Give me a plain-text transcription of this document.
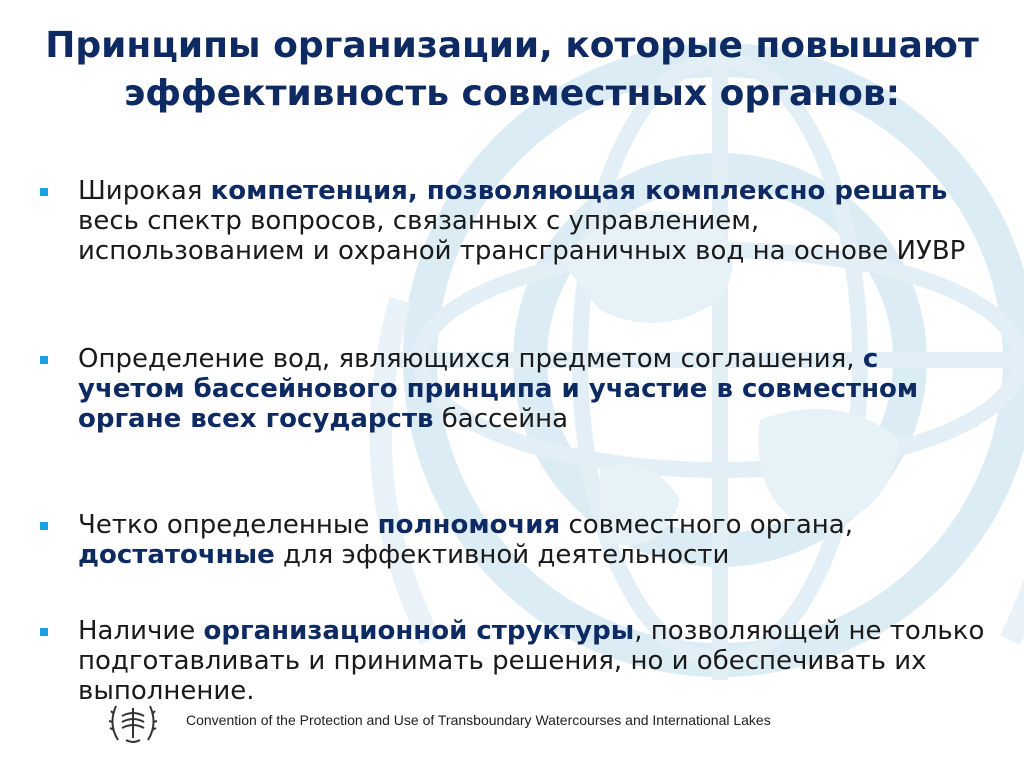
Принципы организации, которые повышают эффективность совместных органов:
Широкая компетенция, позволяющая комплексно решать весь спектр вопросов, связанных с управлением, использованием и охраной трансграничных вод на основе ИУВР
Определение вод, являющихся предметом соглашения, с учетом бассейнового принципа и участие в совместном органе всех государств бассейна
Четко определенные полномочия совместного органа, достаточные для эффективной деятельности
Наличие организационной структуры, позволяющей не только подготавливать и принимать решения, но и обеспечивать их выполнение.
Convention of the Protection and Use of Transboundary Watercourses and International Lakes
